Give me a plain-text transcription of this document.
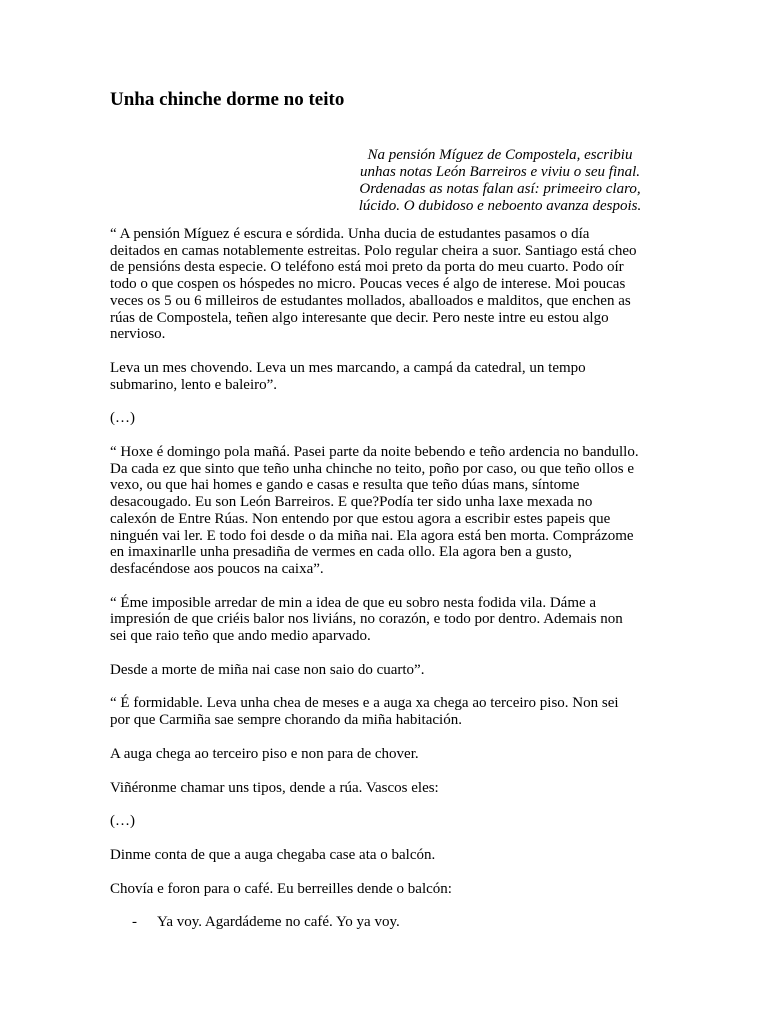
Unha chinche dorme no teito
Na pensión Míguez de Compostela, escribiu
unhas notas León Barreiros e viviu o seu final.
Ordenadas as notas falan así: primeeiro claro,
lúcido. O dubidoso e neboento avanza despois.

“ A pensión Míguez é escura e sórdida. Unha ducia de estudantes pasamos o día
deitados en camas notablemente estreitas. Polo regular cheira a suor. Santiago está cheo
de pensións desta especie. O teléfono está moi preto da porta do meu cuarto. Podo oír
todo o que cospen os hóspedes no micro. Poucas veces é algo de interese. Moi poucas
veces os 5 ou 6 milleiros de estudantes mollados, aballoados e malditos, que enchen as
rúas de Compostela, teñen algo interesante que decir. Pero neste intre eu estou algo
nervioso.

Leva un mes chovendo. Leva un mes marcando, a campá da catedral, un tempo
submarino, lento e baleiro”.

(…)

“ Hoxe é domingo pola mañá. Pasei parte da noite bebendo e teño ardencia no bandullo.
Da cada ez que sinto que teño unha chinche no teito, poño por caso, ou que teño ollos e
vexo, ou que hai homes e gando e casas e resulta que teño dúas mans, síntome
desacougado. Eu son León Barreiros. E que?Podía ter sido unha laxe mexada no
calexón de Entre Rúas. Non entendo por que estou agora a escribir estes papeis que
ninguén vai ler. E todo foi desde o da miña nai. Ela agora está ben morta. Comprázome
en imaxinarlle unha presadiña de vermes en cada ollo. Ela agora ben a gusto,
desfacéndose aos poucos na caixa”.

“ Éme imposible arredar de min a idea de que eu sobro nesta fodida vila. Dáme a
impresión de que criéis balor nos liviáns, no corazón, e todo por dentro. Ademais non
sei que raio teño que ando medio aparvado.

Desde a morte de miña nai case non saio do cuarto”.

“ É formidable. Leva unha chea de meses e a auga xa chega ao terceiro piso. Non sei
por que Carmiña sae sempre chorando da miña habitación.

A auga chega ao terceiro piso e non para de chover.

Viñéronme chamar uns tipos, dende a rúa. Vascos eles:

(…)

Dinme conta de que a auga chegaba case ata o balcón.

Chovía e foron para o café. Eu berreilles dende o balcón:

- Ya voy. Agardádeme no café. Yo ya voy.
